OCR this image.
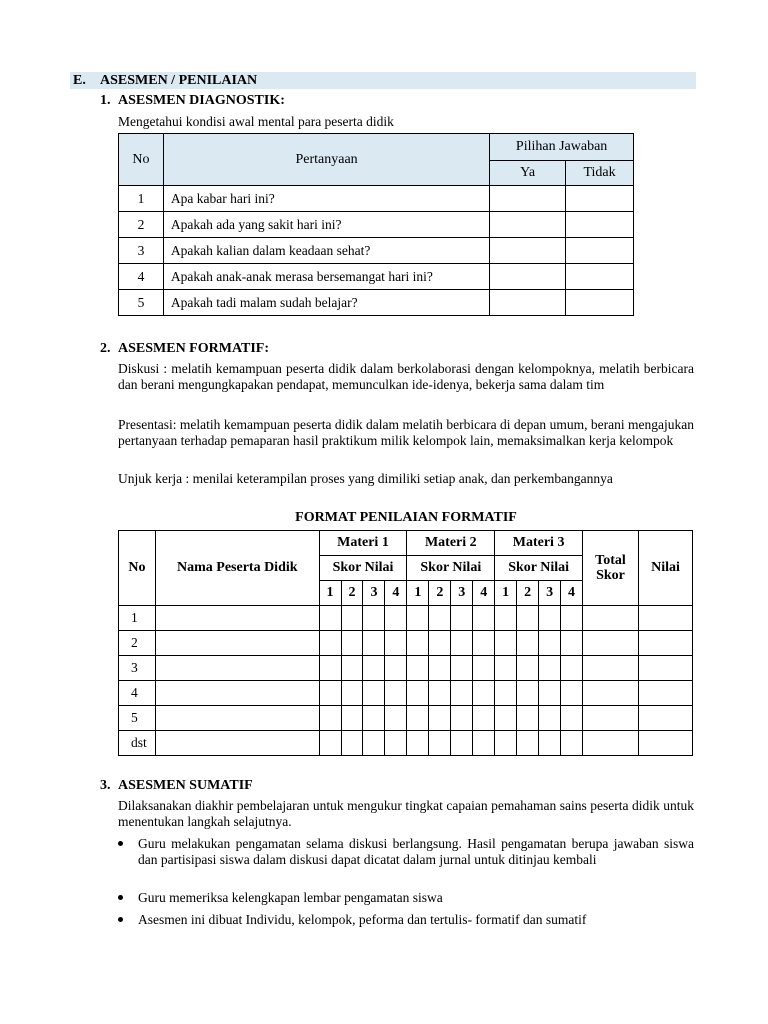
E. ASESMEN / PENILAIAN
1. ASESMEN DIAGNOSTIK:
Mengetahui kondisi awal mental para peserta didik
No	Pertanyaan	Pilihan Jawaban	
		Ya	Tidak
1	Apa kabar hari ini?		
2	Apakah ada yang sakit hari ini?		
3	Apakah kalian dalam keadaan sehat?		
4	Apakah anak-anak merasa bersemangat hari ini?		
5	Apakah tadi malam sudah belajar?		
2. ASESMEN FORMATIF:
Diskusi : melatih kemampuan peserta didik dalam berkolaborasi dengan kelompoknya, melatih berbicara dan berani mengungkapakan pendapat, memunculkan ide-idenya, bekerja sama dalam tim
Presentasi: melatih kemampuan peserta didik dalam melatih berbicara di depan umum, berani mengajukan pertanyaan terhadap pemaparan hasil praktikum milik kelompok lain, memaksimalkan kerja kelompok
Unjuk kerja : menilai keterampilan proses yang dimiliki setiap anak, dan perkembangannya
FORMAT PENILAIAN FORMATIF
No	Nama Peserta Didik	Materi 1				Materi 2				Materi 3				Total Skor	Nilai
		Skor Nilai				Skor Nilai				Skor Nilai					
		1	2	3	4	1	2	3	4	1	2	3	4		
1															
2															
3															
4															
5															
dst															
3. ASESMEN SUMATIF
Dilaksanakan diakhir pembelajaran untuk mengukur tingkat capaian pemahaman sains peserta didik untuk menentukan langkah selajutnya.
Guru melakukan pengamatan selama diskusi berlangsung. Hasil pengamatan berupa jawaban siswa dan partisipasi siswa dalam diskusi dapat dicatat dalam jurnal untuk ditinjau kembali
Guru memeriksa kelengkapan lembar pengamatan siswa
Asesmen ini dibuat Individu, kelompok, peforma dan tertulis- formatif dan sumatif
